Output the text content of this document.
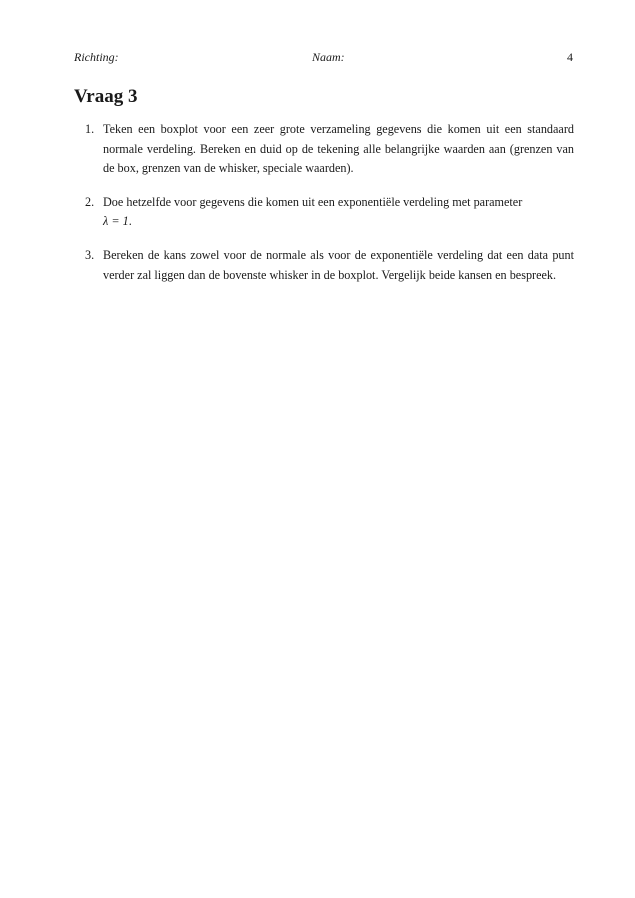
Richting:	Naam:	4
Vraag 3
1. Teken een boxplot voor een zeer grote verzameling gegevens die komen uit een standaard normale verdeling. Bereken en duid op de tekening alle belangrijke waarden aan (grenzen van de box, grenzen van de whisker, speciale waarden).
2. Doe hetzelfde voor gegevens die komen uit een exponentiële verdeling met parameter
λ = 1.
3. Bereken de kans zowel voor de normale als voor de exponentiële verdeling dat een data punt verder zal liggen dan de bovenste whisker in de boxplot. Vergelijk beide kansen en bespreek.
